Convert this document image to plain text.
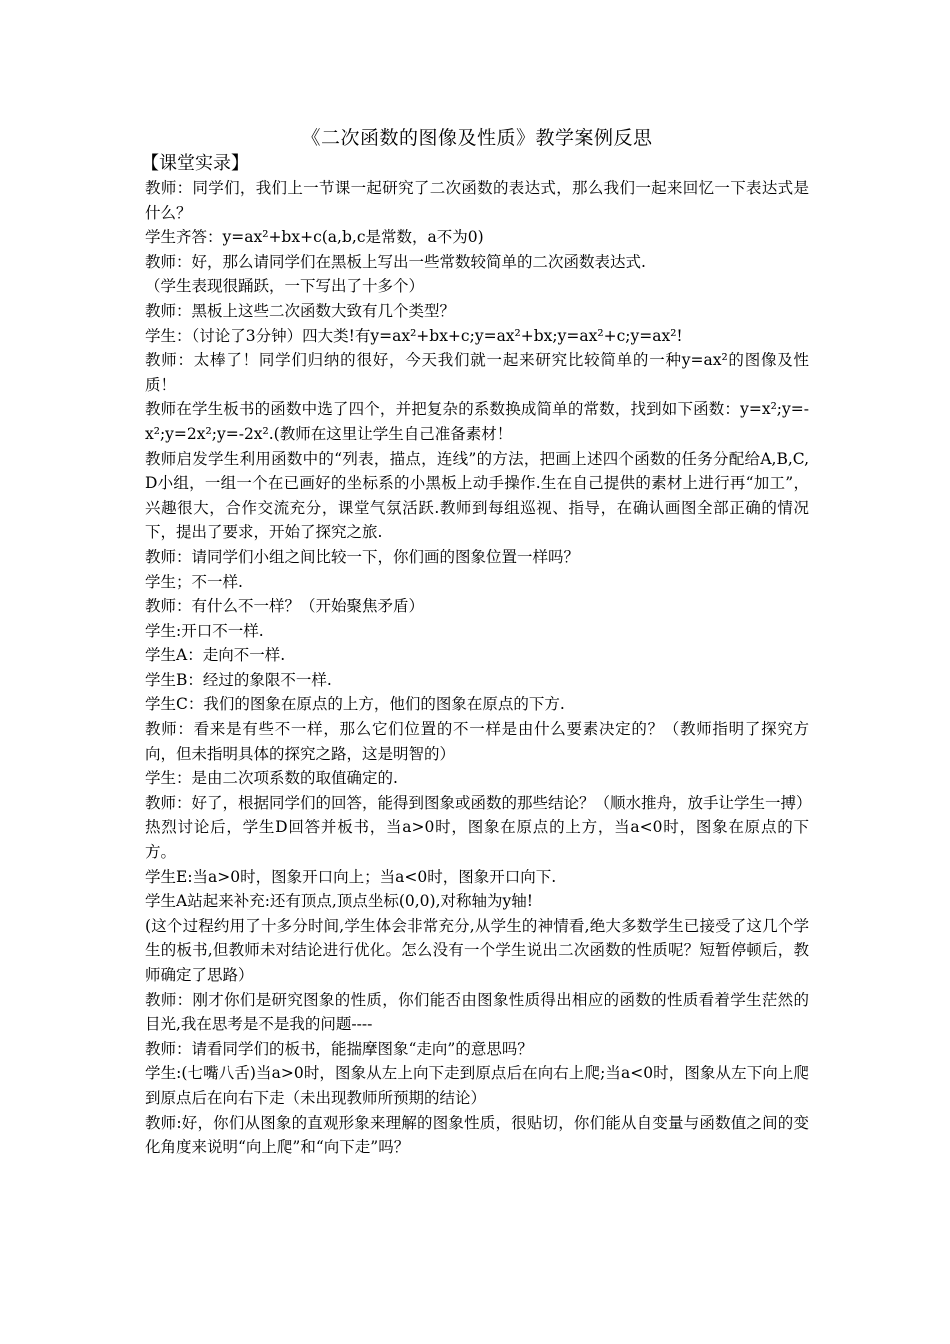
《二次函数的图像及性质》教学案例反思
【课堂实录】

教师：同学们，我们上一节课一起研究了二次函数的表达式，那么我们一起来回忆一下表达式是什么？

学生齐答：y=ax²+bx+c(a,b,c是常数，a不为0)

教师：好，那么请同学们在黑板上写出一些常数较简单的二次函数表达式.

（学生表现很踊跃，一下写出了十多个）

教师：黑板上这些二次函数大致有几个类型？

学生：（讨论了3分钟）四大类!有y=ax²+bx+c;y=ax²+bx;y=ax²+c;y=ax²!

教师：太棒了！同学们归纳的很好，今天我们就一起来研究比较简单的一种y=ax²的图像及性质！

教师在学生板书的函数中选了四个，并把复杂的系数换成简单的常数，找到如下函数：y=x²;y=-x²;y=2x²;y=-2x².(教师在这里让学生自己准备素材！

教师启发学生利用函数中的“列表，描点，连线”的方法，把画上述四个函数的任务分配给A,B,C,D小组，一组一个在已画好的坐标系的小黑板上动手操作.生在自己提供的素材上进行再“加工”，兴趣很大，合作交流充分，课堂气氛活跃.教师到每组巡视、指导，在确认画图全部正确的情况下，提出了要求，开始了探究之旅.

教师：请同学们小组之间比较一下，你们画的图象位置一样吗？

学生；不一样.

教师：有什么不一样？（开始聚焦矛盾）

学生:开口不一样.

学生A：走向不一样.

学生B：经过的象限不一样.

学生C：我们的图象在原点的上方，他们的图象在原点的下方.

教师：看来是有些不一样，那么它们位置的不一样是由什么要素决定的？（教师指明了探究方向，但未指明具体的探究之路，这是明智的）

学生：是由二次项系数的取值确定的.

教师：好了，根据同学们的回答，能得到图象或函数的那些结论？（顺水推舟，放手让学生一搏）

热烈讨论后，学生D回答并板书，当a>0时，图象在原点的上方，当a<0时，图象在原点的下方。

学生E:当a>0时，图象开口向上；当a<0时，图象开口向下.

学生A站起来补充:还有顶点,顶点坐标(0,0),对称轴为y轴!

(这个过程约用了十多分时间,学生体会非常充分,从学生的神情看,绝大多数学生已接受了这几个学生的板书,但教师未对结论进行优化。怎么没有一个学生说出二次函数的性质呢？短暂停顿后，教师确定了思路）

教师：刚才你们是研究图象的性质，你们能否由图象性质得出相应的函数的性质看着学生茫然的目光,我在思考是不是我的问题----

教师：请看同学们的板书，能揣摩图象“走向”的意思吗？

学生:(七嘴八舌)当a>0时，图象从左上向下走到原点后在向右上爬;当a<0时，图象从左下向上爬到原点后在向右下走（未出现教师所预期的结论）

教师:好，你们从图象的直观形象来理解的图象性质，很贴切，你们能从自变量与函数值之间的变化角度来说明“向上爬”和“向下走”吗？
